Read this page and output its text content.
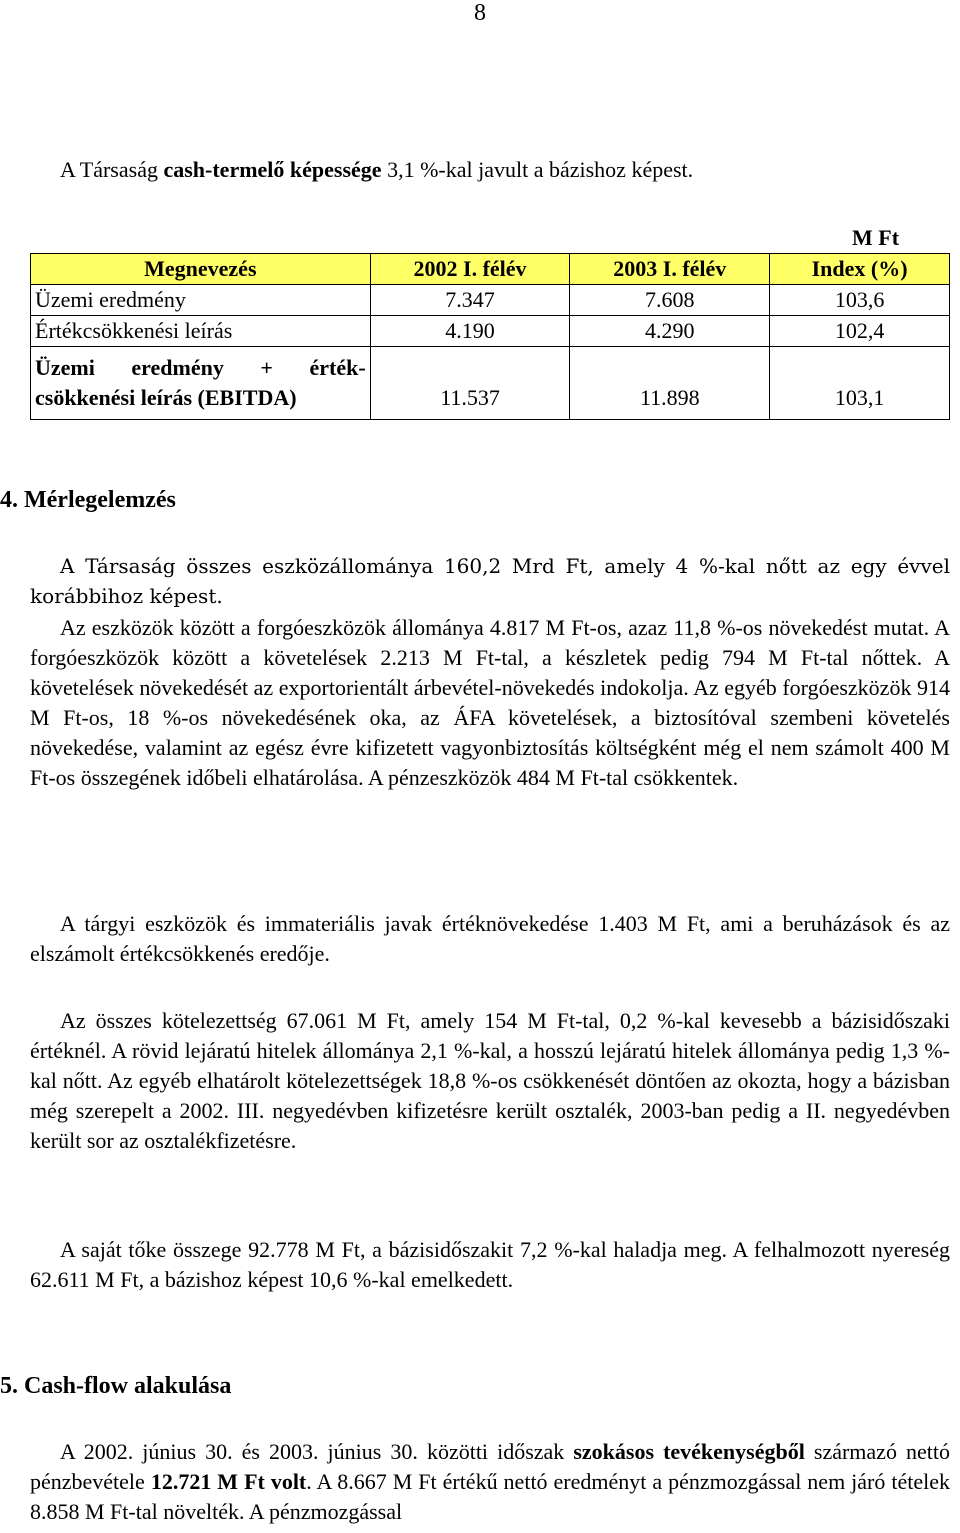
8

A Társaság cash-termelő képessége 3,1 %-kal javult a bázishoz képest.

M Ft
Megnevezés	2002 I. félév	2003 I. félév	Index (%)
Üzemi eredmény	7.347	7.608	103,6
Értékcsökkenési leírás	4.190	4.290	102,4

Üzemi eredmény + érték-
csökkenési leírás (EBITDA)	11.537	11.898	103,1
4. Mérlegelemzés

A Társaság összes eszközállománya 160,2 Mrd Ft, amely 4 %-kal nőtt az egy évvel korábbihoz képest.

Az eszközök között a forgóeszközök állománya 4.817 M Ft-os, azaz 11,8 %-os növekedést mutat. A forgóeszközök között a követelések 2.213 M Ft-tal, a készletek pedig 794 M Ft-tal nőttek. A követelések növekedését az exportorientált árbevétel-növekedés indokolja. Az egyéb forgóeszközök 914 M Ft-os, 18 %-os növekedésének oka, az ÁFA követelések, a biztosítóval szembeni követelés növekedése, valamint az egész évre kifizetett vagyonbiztosítás költségként még el nem számolt 400 M Ft-os összegének időbeli elhatárolása. A pénzeszközök 484 M Ft-tal csökkentek.

A tárgyi eszközök és immateriális javak értéknövekedése 1.403 M Ft, ami a beruházások és az elszámolt értékcsökkenés eredője.

Az összes kötelezettség 67.061 M Ft, amely 154 M Ft-tal, 0,2 %-kal kevesebb a bázisidőszaki értéknél. A rövid lejáratú hitelek állománya 2,1 %-kal, a hosszú lejáratú hitelek állománya pedig 1,3 %-kal nőtt. Az egyéb elhatárolt kötelezettségek 18,8 %-os csökkenését döntően az okozta, hogy a bázisban még szerepelt a 2002. III. negyedévben kifizetésre került osztalék, 2003-ban pedig a II. negyedévben került sor az osztalékfizetésre.

A saját tőke összege 92.778 M Ft, a bázisidőszakit 7,2 %-kal haladja meg. A felhalmozott nyereség 62.611 M Ft, a bázishoz képest 10,6 %-kal emelkedett.

5. Cash-flow alakulása

A 2002. június 30. és 2003. június 30. közötti időszak szokásos tevékenységből származó nettó pénzbevétele 12.721 M Ft volt. A 8.667 M Ft értékű nettó eredményt a pénzmozgással nem járó tételek 8.858 M Ft-tal növelték. A pénzmozgással
